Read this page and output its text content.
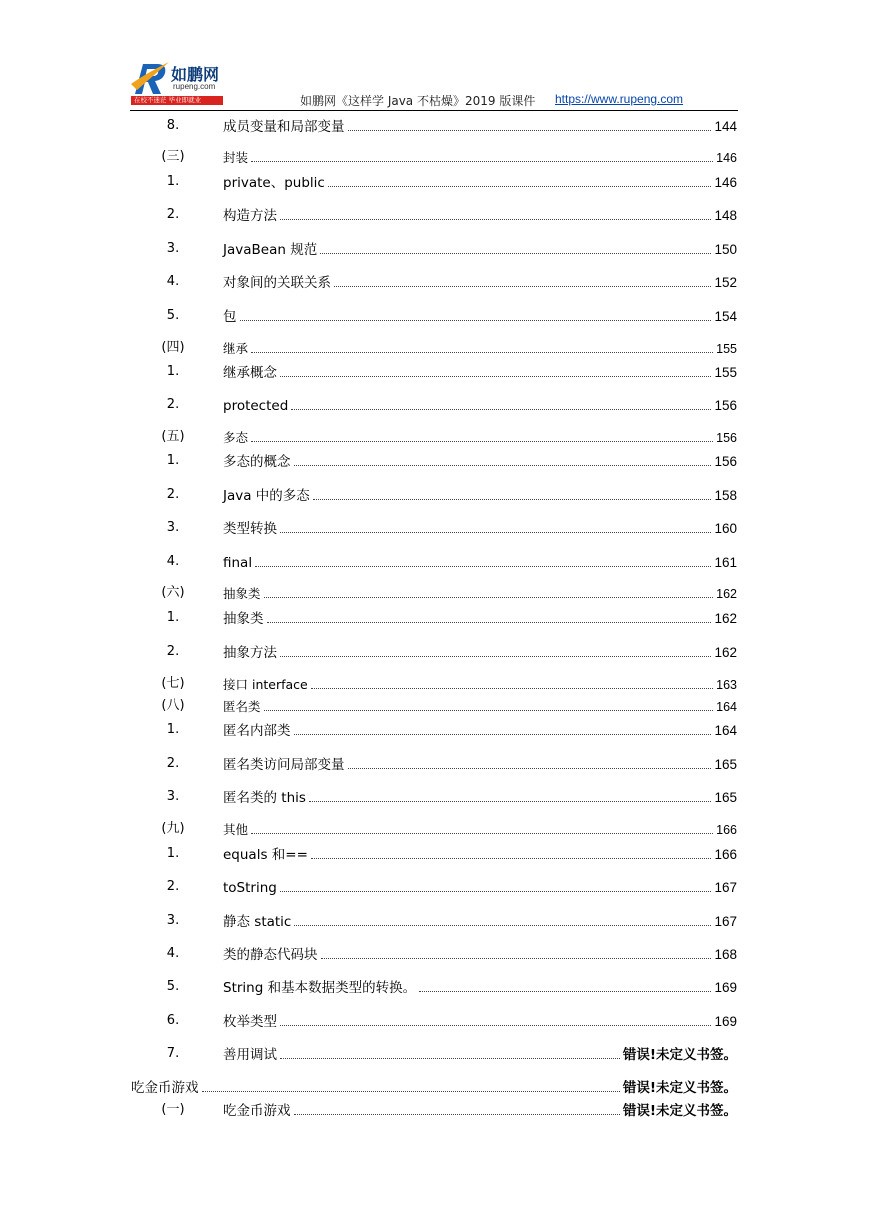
如鹏网
rupeng.com
在校不迷茫 毕业即就业	如鹏网《这样学 Java 不枯燥》2019 版课件 https://www.rupeng.com
8.	成员变量和局部变量	144
(三)	封装	146
1.	private、public	146
2.	构造方法	148
3.	JavaBean 规范	150
4.	对象间的关联关系	152
5.	包	154
(四)	继承	155
1.	继承概念	155
2.	protected	156
(五)	多态	156
1.	多态的概念	156
2.	Java 中的多态	158
3.	类型转换	160
4.	final	161
(六)	抽象类	162
1.	抽象类	162
2.	抽象方法	162
(七)	接口 interface	163
(八)	匿名类	164
1.	匿名内部类	164
2.	匿名类访问局部变量	165
3.	匿名类的 this	165
(九)	其他	166
1.	equals 和==	166
2.	toString	167
3.	静态 static	167
4.	类的静态代码块	168
5.	String 和基本数据类型的转换。	169
6.	枚举类型	169
7.	善用调试	错误!未定义书签。
吃金币游戏	错误!未定义书签。
(一)	吃金币游戏	错误!未定义书签。
